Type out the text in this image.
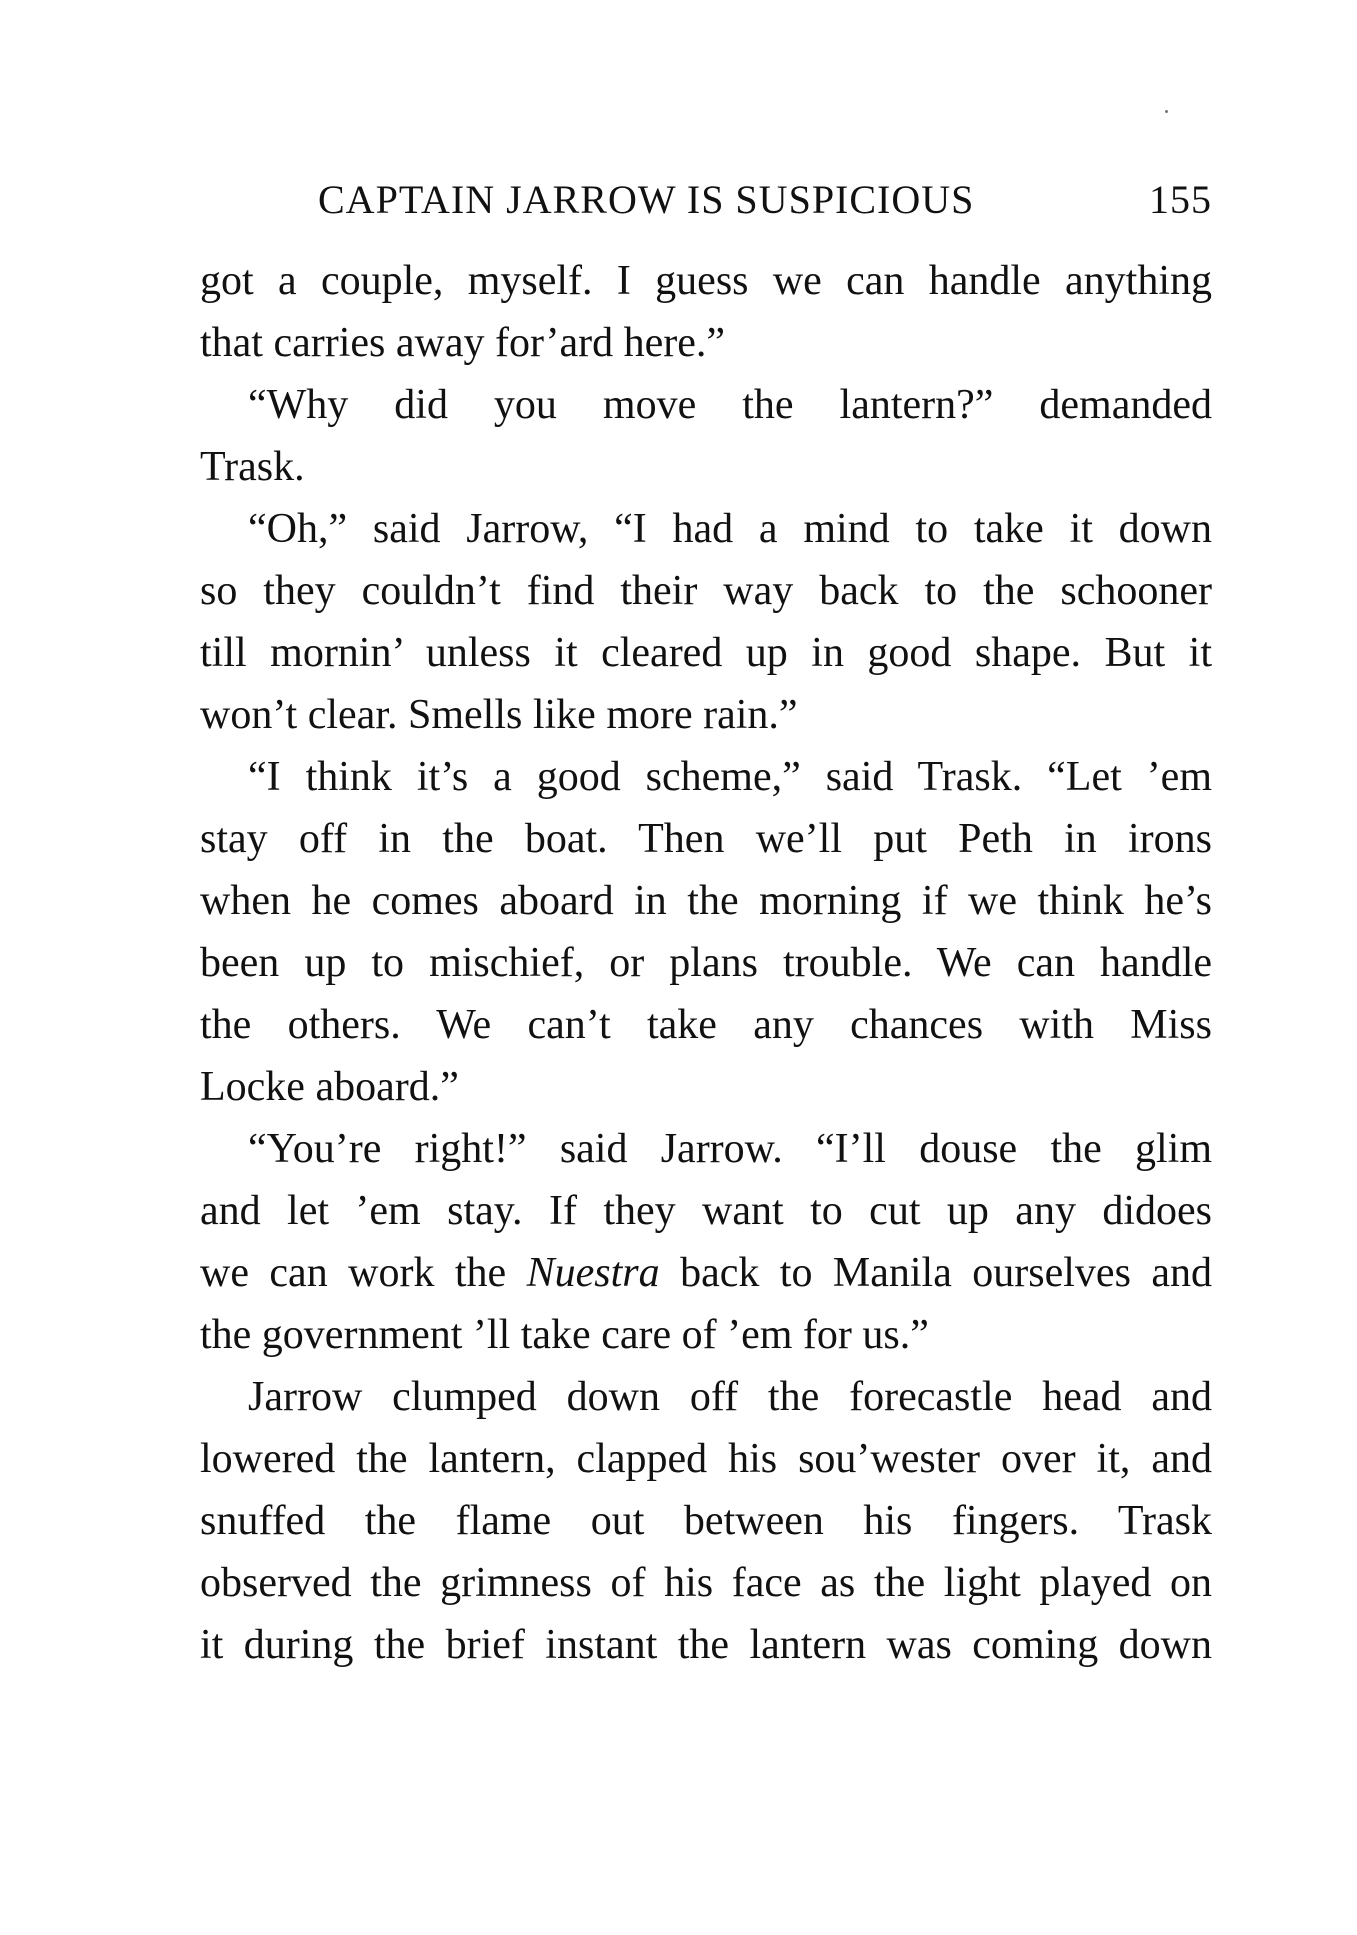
CAPTAIN JARROW IS SUSPICIOUS	155
got a couple, myself. I guess we can handle anything
that carries away for’ard here.”
“Why did you move the lantern?” demanded
Trask.
“Oh,” said Jarrow, “I had a mind to take it down
so they couldn’t find their way back to the schooner
till mornin’ unless it cleared up in good shape. But it
won’t clear. Smells like more rain.”
“I think it’s a good scheme,” said Trask. “Let ’em
stay off in the boat. Then we’ll put Peth in irons
when he comes aboard in the morning if we think he’s
been up to mischief, or plans trouble. We can handle
the others. We can’t take any chances with Miss
Locke aboard.”
“You’re right!” said Jarrow. “I’ll douse the glim
and let ’em stay. If they want to cut up any didoes
we can work the Nuestra back to Manila ourselves and
the government ’ll take care of ’em for us.”
Jarrow clumped down off the forecastle head and
lowered the lantern, clapped his sou’wester over it, and
snuffed the flame out between his fingers. Trask
observed the grimness of his face as the light played on
it during the brief instant the lantern was coming down
